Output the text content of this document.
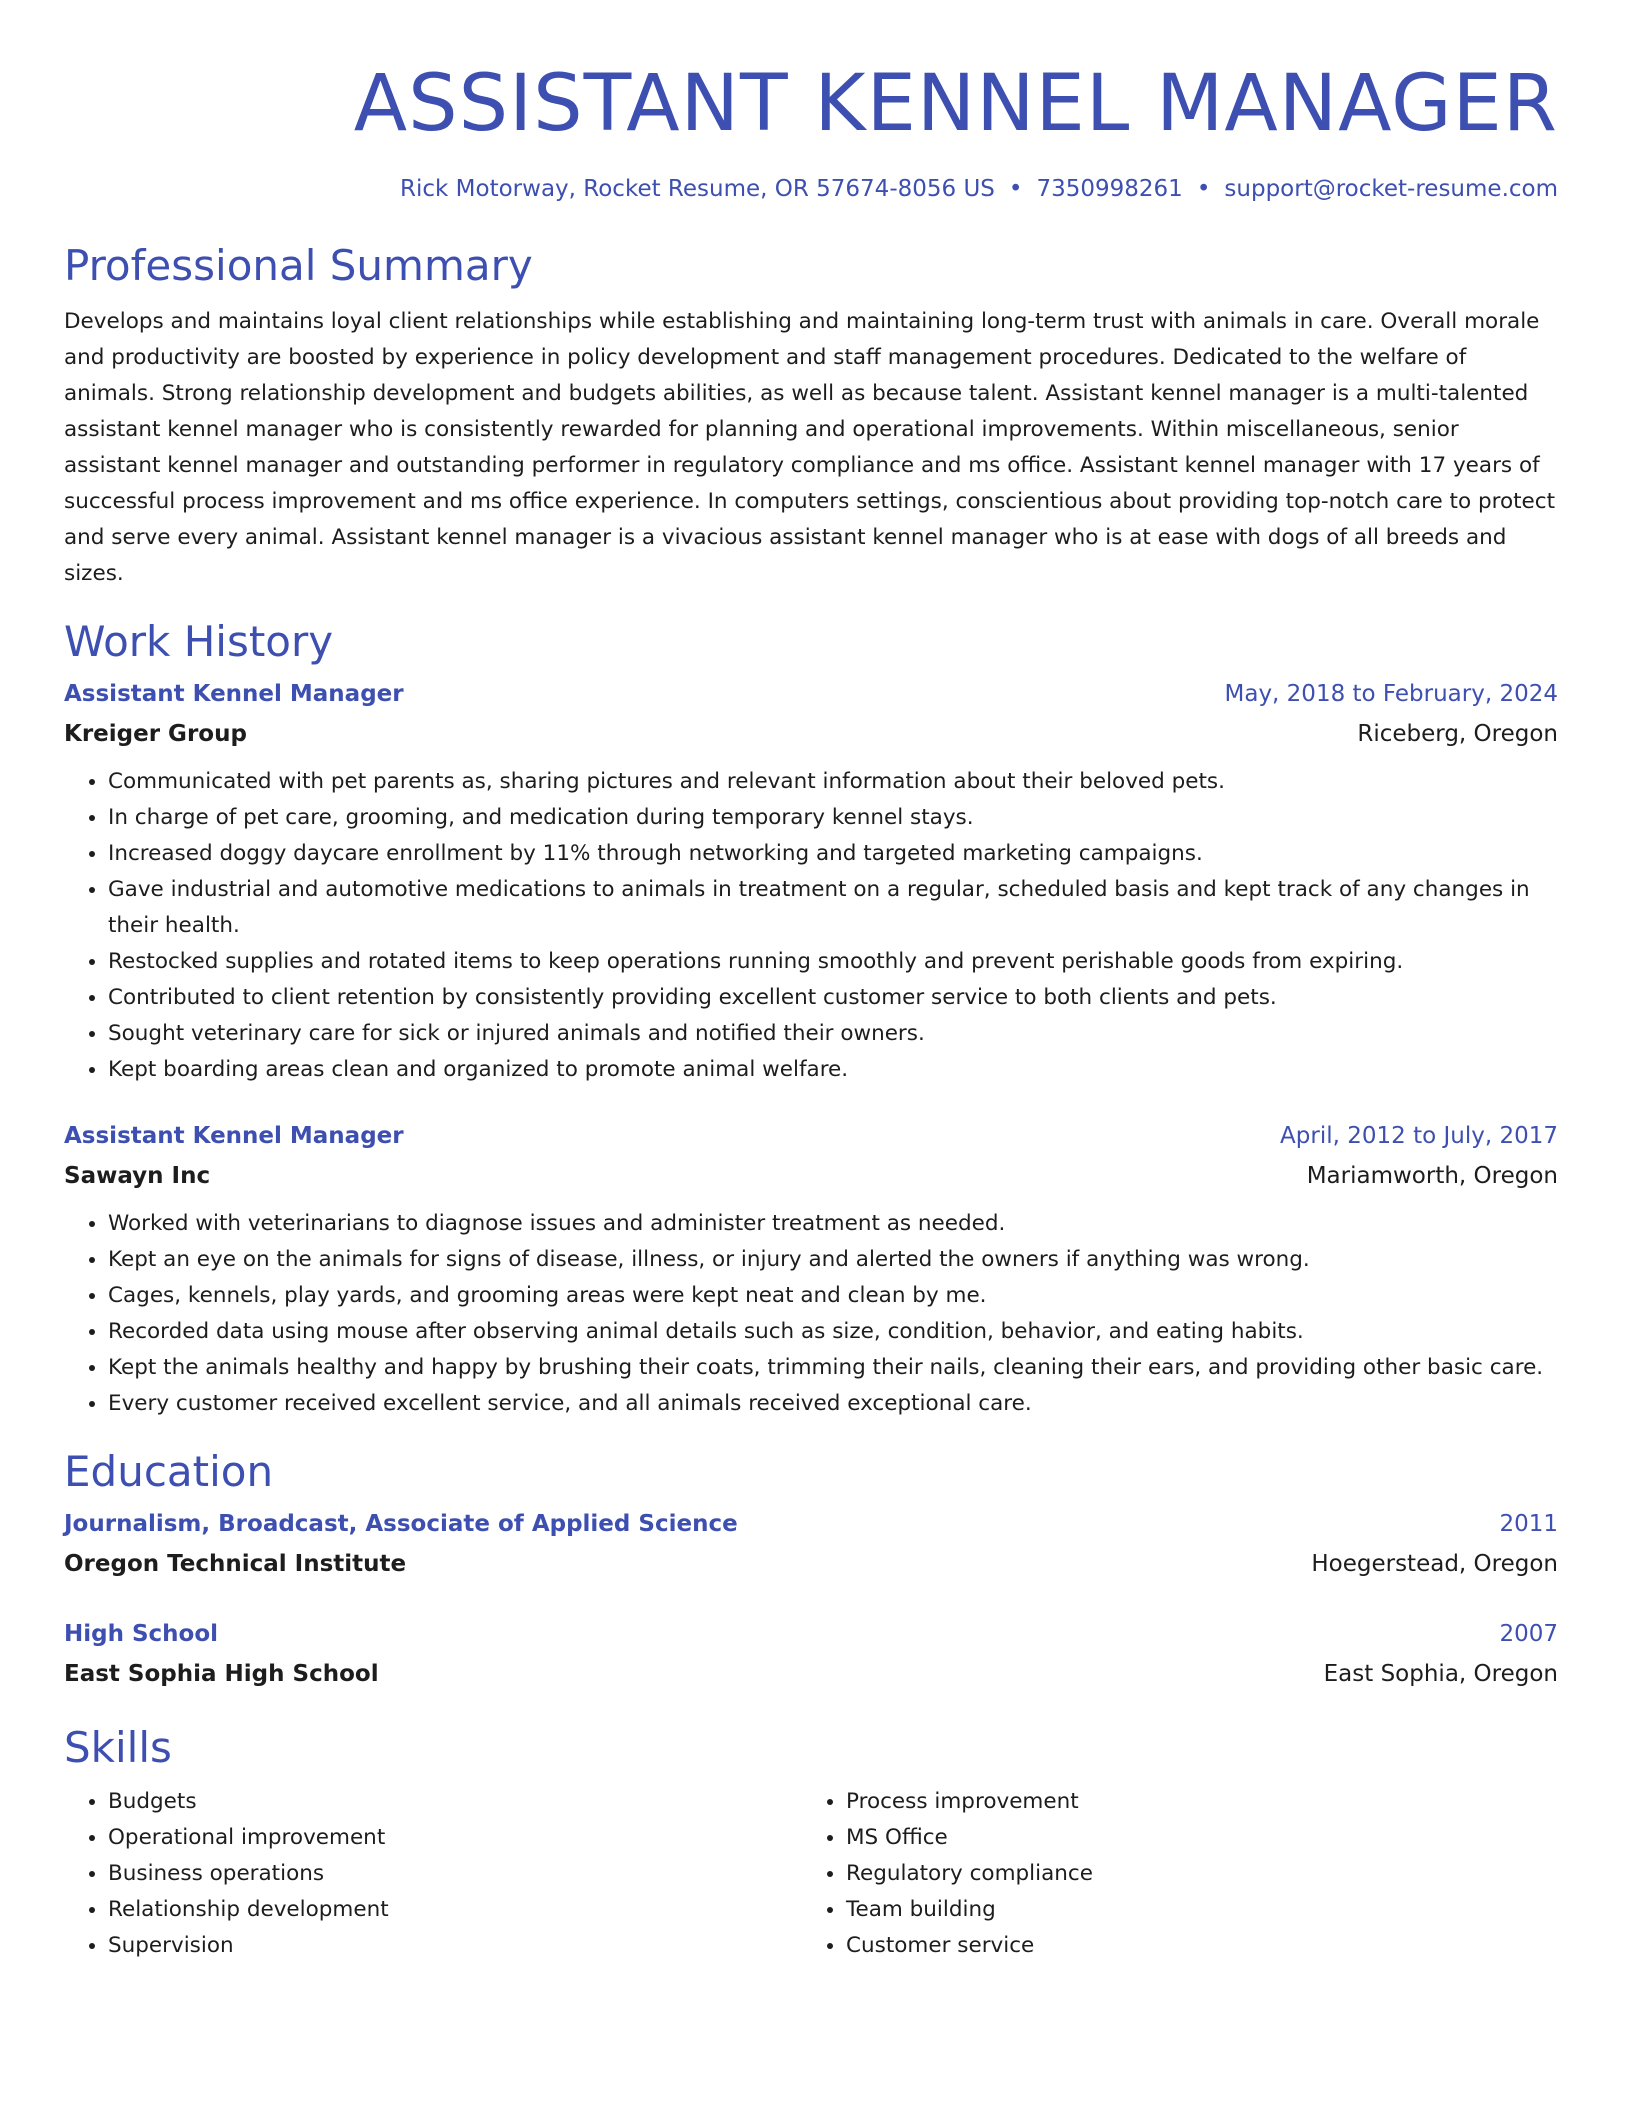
ASSISTANT KENNEL MANAGER
Rick Motorway, Rocket Resume, OR 57674-8056 US • 7350998261 • support@rocket-resume.com
Professional Summary
Develops and maintains loyal client relationships while establishing and maintaining long-term trust with animals in care. Overall morale and productivity are boosted by experience in policy development and staff management procedures. Dedicated to the welfare of animals. Strong relationship development and budgets abilities, as well as because talent. Assistant kennel manager is a multi-talented assistant kennel manager who is consistently rewarded for planning and operational improvements. Within miscellaneous, senior assistant kennel manager and outstanding performer in regulatory compliance and ms office. Assistant kennel manager with 17 years of successful process improvement and ms office experience. In computers settings, conscientious about providing top-notch care to protect and serve every animal. Assistant kennel manager is a vivacious assistant kennel manager who is at ease with dogs of all breeds and sizes.
Work History
Assistant Kennel Manager	May, 2018 to February, 2024
Kreiger Group	Riceberg, Oregon
• Communicated with pet parents as, sharing pictures and relevant information about their beloved pets.
• In charge of pet care, grooming, and medication during temporary kennel stays.
• Increased doggy daycare enrollment by 11% through networking and targeted marketing campaigns.
• Gave industrial and automotive medications to animals in treatment on a regular, scheduled basis and kept track of any changes in their health.
• Restocked supplies and rotated items to keep operations running smoothly and prevent perishable goods from expiring.
• Contributed to client retention by consistently providing excellent customer service to both clients and pets.
• Sought veterinary care for sick or injured animals and notified their owners.
• Kept boarding areas clean and organized to promote animal welfare.
Assistant Kennel Manager	April, 2012 to July, 2017
Sawayn Inc	Mariamworth, Oregon
• Worked with veterinarians to diagnose issues and administer treatment as needed.
• Kept an eye on the animals for signs of disease, illness, or injury and alerted the owners if anything was wrong.
• Cages, kennels, play yards, and grooming areas were kept neat and clean by me.
• Recorded data using mouse after observing animal details such as size, condition, behavior, and eating habits.
• Kept the animals healthy and happy by brushing their coats, trimming their nails, cleaning their ears, and providing other basic care.
• Every customer received excellent service, and all animals received exceptional care.
Education
Journalism, Broadcast, Associate of Applied Science	2011
Oregon Technical Institute	Hoegerstead, Oregon
High School	2007
East Sophia High School	East Sophia, Oregon
Skills
• Budgets
• Operational improvement
• Business operations
• Relationship development
• Supervision
• Process improvement
• MS Office
• Regulatory compliance
• Team building
• Customer service
